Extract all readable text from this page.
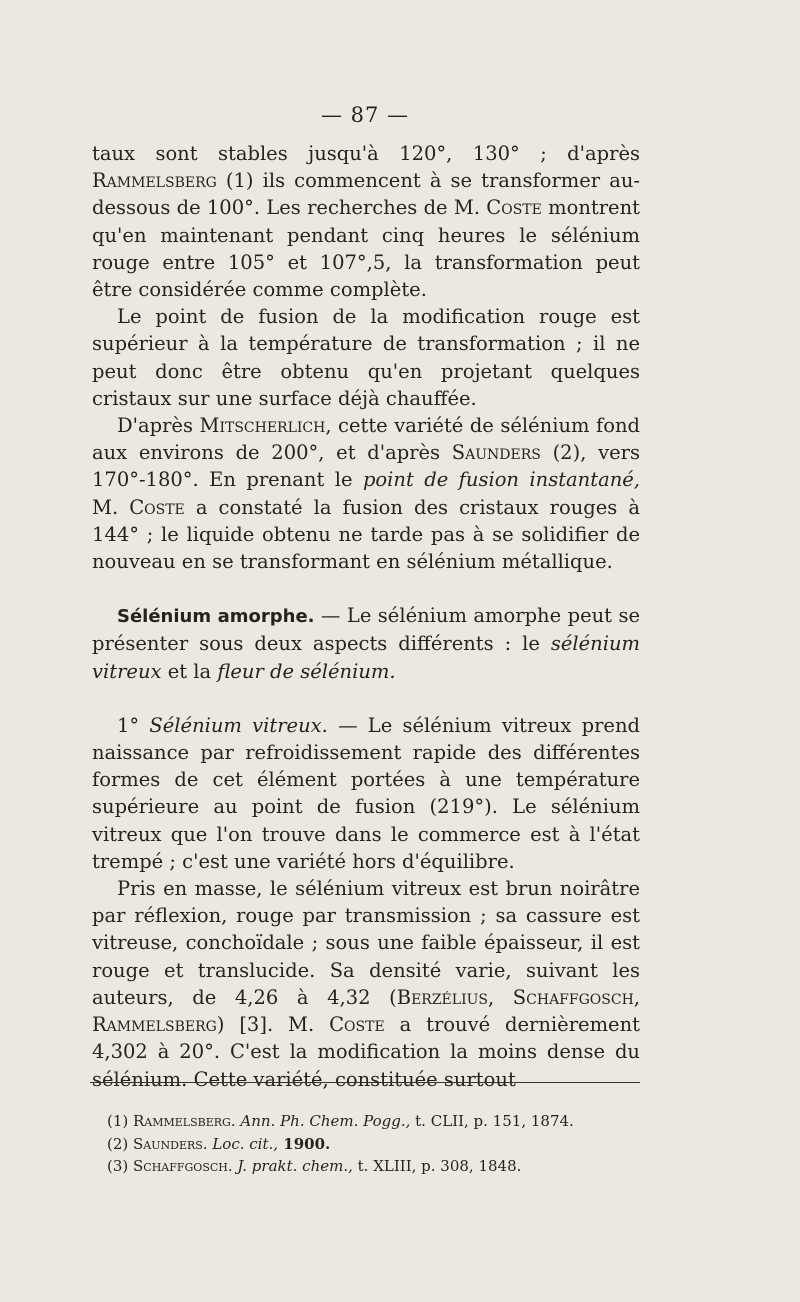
— 87 —

taux sont stables jusqu'à 120°, 130° ; d'après Rammelsberg (1) ils commencent à se transformer au-dessous de 100°. Les recherches de M. Coste montrent qu'en maintenant pendant cinq heures le sélénium rouge entre 105° et 107°,5, la transformation peut être considérée comme complète.

Le point de fusion de la modification rouge est supérieur à la température de transformation ; il ne peut donc être obtenu qu'en projetant quelques cristaux sur une surface déjà chauffée.

D'après Mitscherlich, cette variété de sélénium fond aux environs de 200°, et d'après Saunders (2), vers 170°-180°. En prenant le point de fusion instantané, M. Coste a constaté la fusion des cristaux rouges à 144° ; le liquide obtenu ne tarde pas à se solidifier de nouveau en se transformant en sélénium métallique.

Sélénium amorphe. — Le sélénium amorphe peut se présenter sous deux aspects différents : le sélénium vitreux et la fleur de sélénium.

1° Sélénium vitreux. — Le sélénium vitreux prend naissance par refroidissement rapide des différentes formes de cet élément portées à une température supérieure au point de fusion (219°). Le sélénium vitreux que l'on trouve dans le commerce est à l'état trempé ; c'est une variété hors d'équilibre.

Pris en masse, le sélénium vitreux est brun noirâtre par réflexion, rouge par transmission ; sa cassure est vitreuse, conchoïdale ; sous une faible épaisseur, il est rouge et translucide. Sa densité varie, suivant les auteurs, de 4,26 à 4,32 (Berzélius, Schaffgosch, Rammelsberg) [3]. M. Coste a trouvé dernièrement 4,302 à 20°. C'est la modification la moins dense du sélénium. Cette variété, constituée surtout

(1) Rammelsberg. Ann. Ph. Chem. Pogg., t. CLII, p. 151, 1874.
(2) Saunders. Loc. cit., 1900.
(3) Schaffgosch. J. prakt. chem., t. XLIII, p. 308, 1848.
